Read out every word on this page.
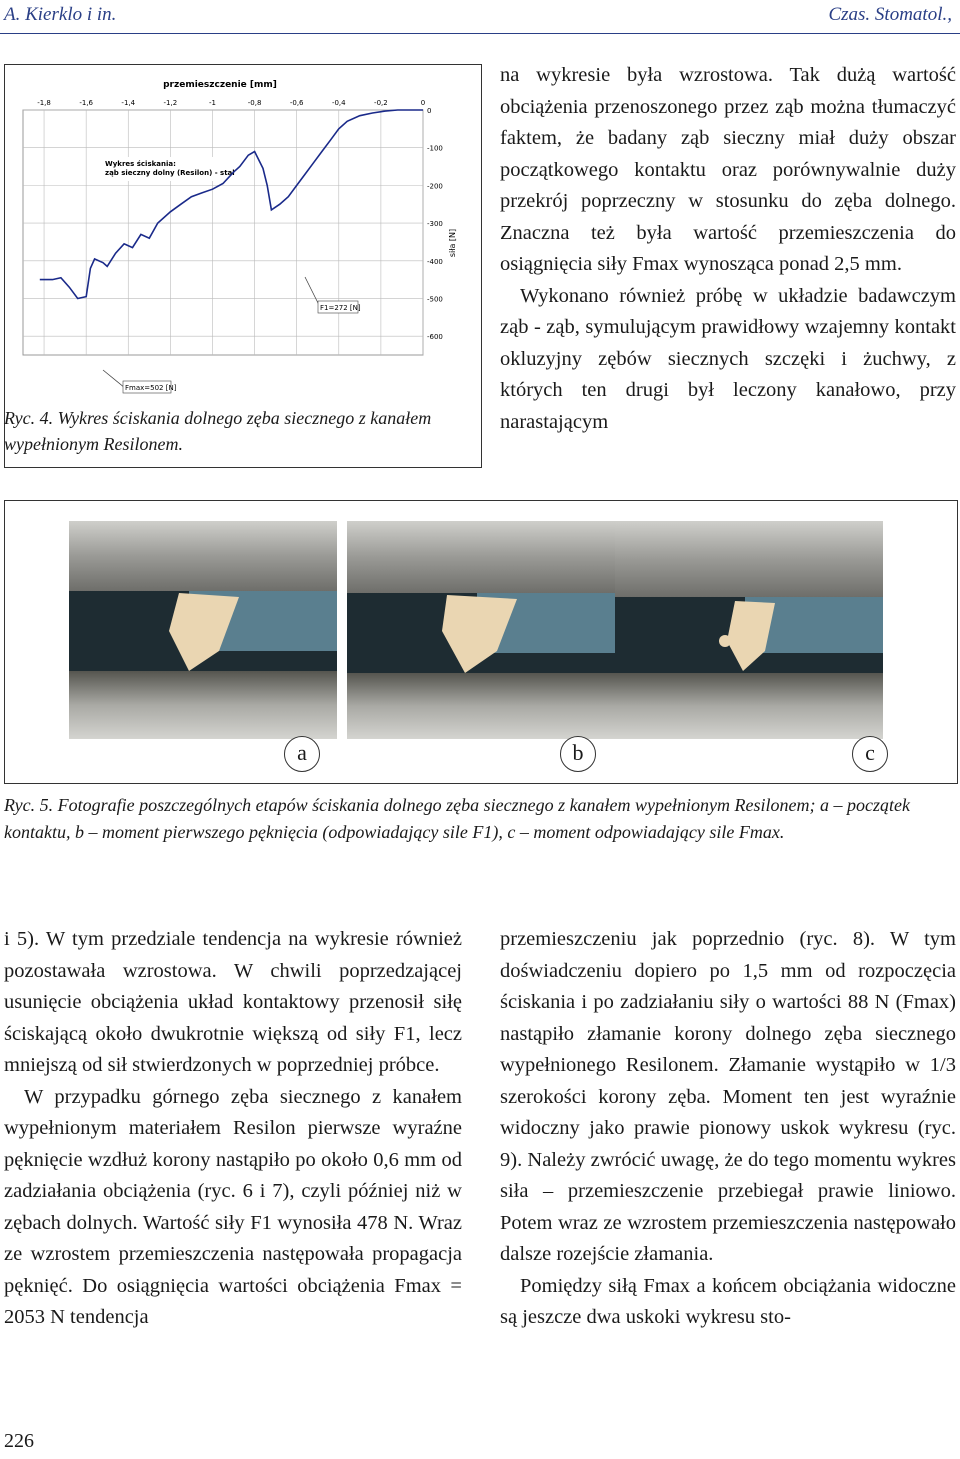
A. Kierklo i in.	Czas. Stomatol.,
przemieszczenie [mm]
-1,8	-1,6	-1,4	-1,2	-1	-0,8	-0,6	-0,4	-0,2	0
0
-100
-200
-300
-400
-500
-600
siła [N]
Wykres ściskania:
ząb sieczny dolny (Resilon) - stal
F1=272 [N]
Fmax=502 [N]
Ryc. 4. Wykres ściskania dolnego zęba siecznego z kanałem wypełnionym Resilonem.

na wykresie była wzrostowa. Tak dużą wartość obciążenia przenoszonego przez ząb można tłumaczyć faktem, że badany ząb sieczny miał duży obszar początkowego kontaktu oraz porównywalnie duży przekrój poprzeczny w stosunku do zęba dolnego. Znaczna też była wartość przemieszczenia do osiągnięcia siły Fmax wynosząca ponad 2,5 mm.

Wykonano również próbę w układzie badawczym ząb - ząb, symulującym prawidłowy wzajemny kontakt okluzyjny zębów siecznych szczęki i żuchwy, z których ten drugi był leczony kanałowo, przy narastającym

a	b	c
Ryc. 5. Fotografie poszczególnych etapów ściskania dolnego zęba siecznego z kanałem wypełnionym Resilonem; a – początek kontaktu, b – moment pierwszego pęknięcia (odpowiadający sile F1), c – moment odpowiadający sile Fmax.

i 5). W tym przedziale tendencja na wykresie również pozostawała wzrostowa. W chwili poprzedzającej usunięcie obciążenia układ kontaktowy przenosił siłę ściskającą około dwukrotnie większą od siły F1, lecz mniejszą od sił stwierdzonych w poprzedniej próbce.

W przypadku górnego zęba siecznego z kanałem wypełnionym materiałem Resilon pierwsze wyraźne pęknięcie wzdłuż korony nastąpiło po około 0,6 mm od zadziałania obciążenia (ryc. 6 i 7), czyli później niż w zębach dolnych. Wartość siły F1 wynosiła 478 N. Wraz ze wzrostem przemieszczenia następowała propagacja pęknięć. Do osiągnięcia wartości obciążenia Fmax = 2053 N tendencja

przemieszczeniu jak poprzednio (ryc. 8). W tym doświadczeniu dopiero po 1,5 mm od rozpoczęcia ściskania i po zadziałaniu siły o wartości 88 N (Fmax) nastąpiło złamanie korony dolnego zęba siecznego wypełnionego Resilonem. Złamanie wystąpiło w 1/3 szerokości korony zęba. Moment ten jest wyraźnie widoczny jako prawie pionowy uskok wykresu (ryc. 9). Należy zwrócić uwagę, że do tego momentu wykres siła – przemieszczenie przebiegał prawie liniowo. Potem wraz ze wzrostem przemieszczenia następowało dalsze rozejście złamania.

Pomiędzy siłą Fmax a końcem obciążania widoczne są jeszcze dwa uskoki wykresu sto-

226
